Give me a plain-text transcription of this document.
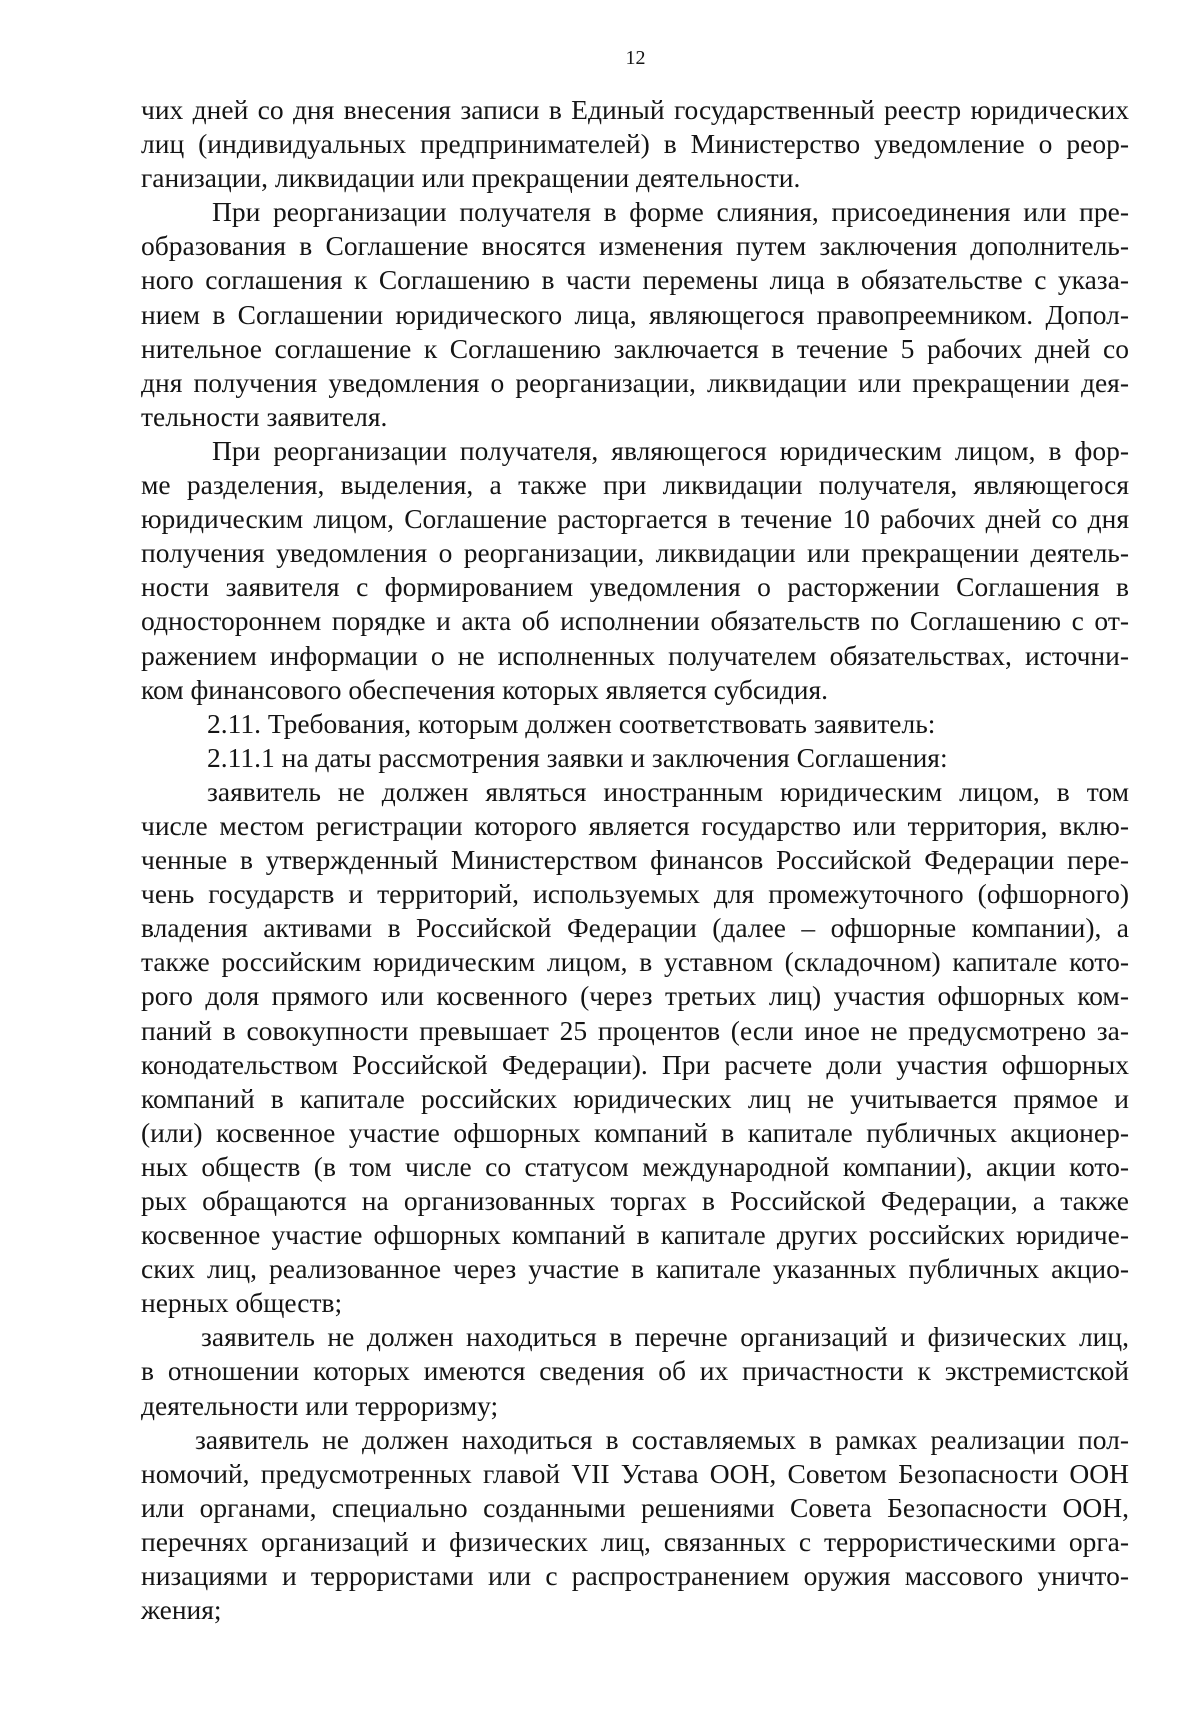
12
чих дней со дня внесения записи в Единый государственный реестр юридических
лиц (индивидуальных предпринимателей) в Министерство уведомление о реор-
ганизации, ликвидации или прекращении деятельности.
При реорганизации получателя в форме слияния, присоединения или пре-
образования в Соглашение вносятся изменения путем заключения дополнитель-
ного соглашения к Соглашению в части перемены лица в обязательстве с указа-
нием в Соглашении юридического лица, являющегося правопреемником. Допол-
нительное соглашение к Соглашению заключается в течение 5 рабочих дней со
дня получения уведомления о реорганизации, ликвидации или прекращении дея-
тельности заявителя.
При реорганизации получателя, являющегося юридическим лицом, в фор-
ме разделения, выделения, а также при ликвидации получателя, являющегося
юридическим лицом, Соглашение расторгается в течение 10 рабочих дней со дня
получения уведомления о реорганизации, ликвидации или прекращении деятель-
ности заявителя с формированием уведомления о расторжении Соглашения в
одностороннем порядке и акта об исполнении обязательств по Соглашению с от-
ражением информации о не исполненных получателем обязательствах, источни-
ком финансового обеспечения которых является субсидия.
2.11. Требования, которым должен соответствовать заявитель:
2.11.1 на даты рассмотрения заявки и заключения Соглашения:
заявитель не должен являться иностранным юридическим лицом, в том
числе местом регистрации которого является государство или территория, вклю-
ченные в утвержденный Министерством финансов Российской Федерации пере-
чень государств и территорий, используемых для промежуточного (офшорного)
владения активами в Российской Федерации (далее – офшорные компании), а
также российским юридическим лицом, в уставном (складочном) капитале кото-
рого доля прямого или косвенного (через третьих лиц) участия офшорных ком-
паний в совокупности превышает 25 процентов (если иное не предусмотрено за-
конодательством Российской Федерации). При расчете доли участия офшорных
компаний в капитале российских юридических лиц не учитывается прямое и
(или) косвенное участие офшорных компаний в капитале публичных акционер-
ных обществ (в том числе со статусом международной компании), акции кото-
рых обращаются на организованных торгах в Российской Федерации, а также
косвенное участие офшорных компаний в капитале других российских юридиче-
ских лиц, реализованное через участие в капитале указанных публичных акцио-
нерных обществ;
заявитель не должен находиться в перечне организаций и физических лиц,
в отношении которых имеются сведения об их причастности к экстремистской
деятельности или терроризму;
заявитель не должен находиться в составляемых в рамках реализации пол-
номочий, предусмотренных главой VII Устава ООН, Советом Безопасности ООН
или органами, специально созданными решениями Совета Безопасности ООН,
перечнях организаций и физических лиц, связанных с террористическими орга-
низациями и террористами или с распространением оружия массового уничто-
жения;
